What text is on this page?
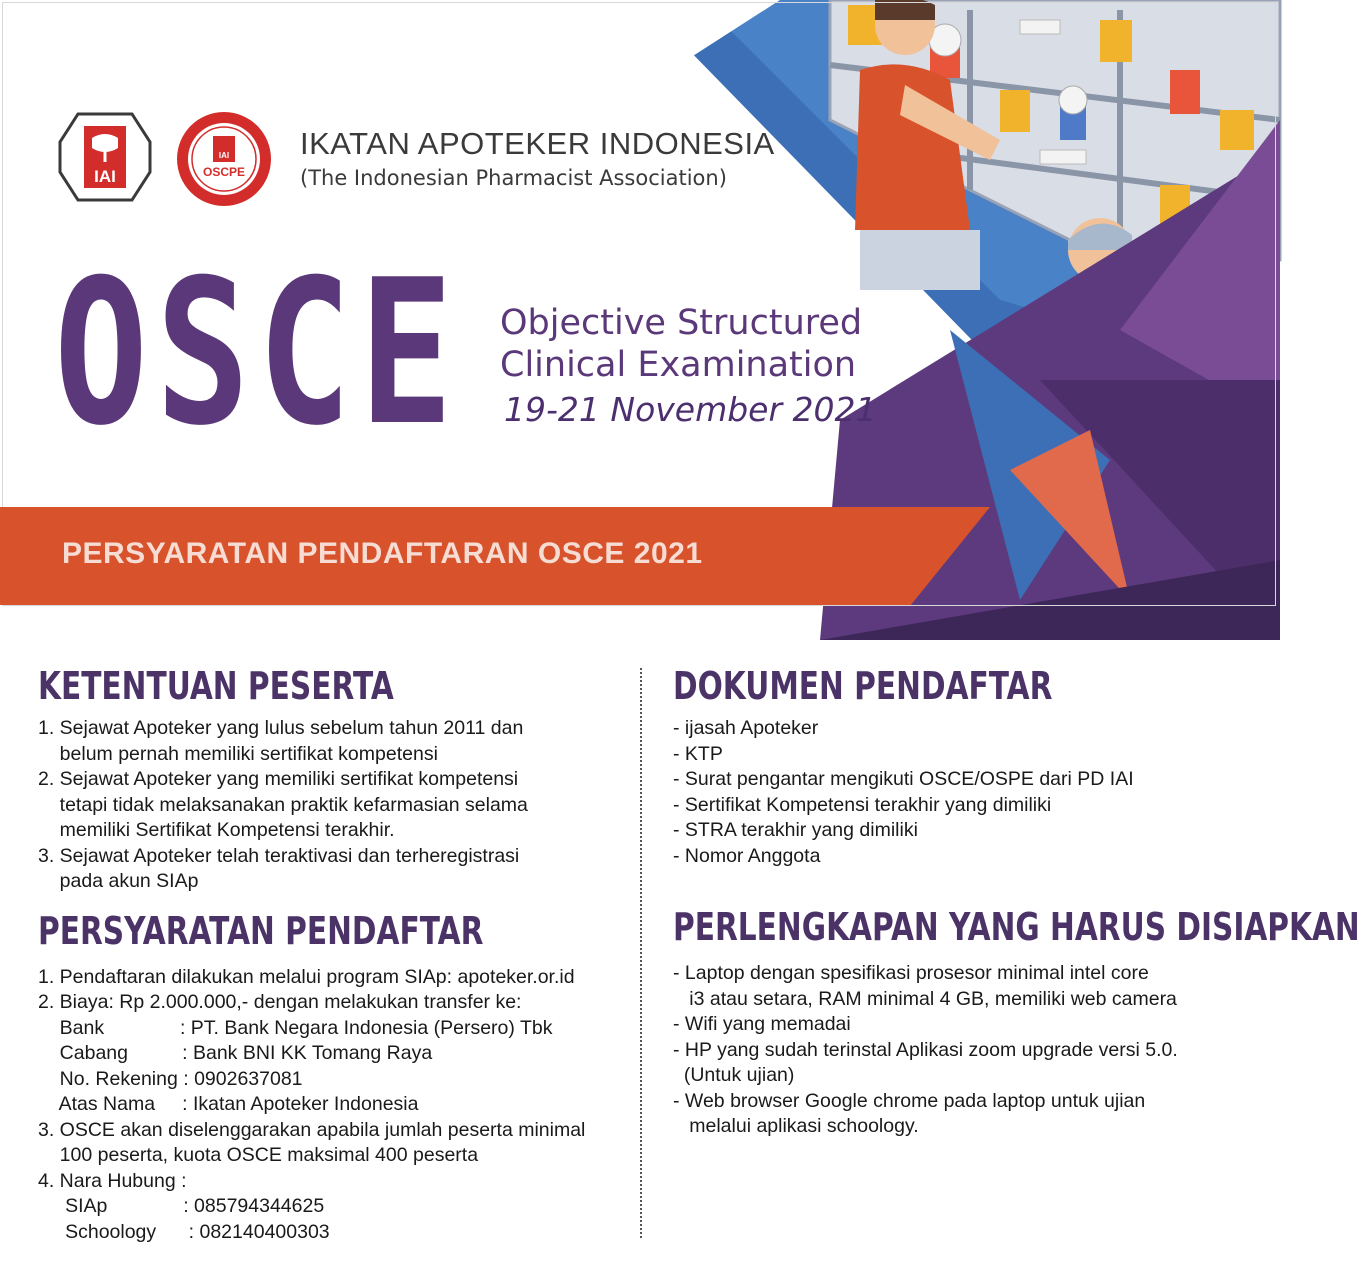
IAI
IAI
OSCPE
IKATAN APOTEKER INDONESIA
(The Indonesian Pharmacist Association)
OSCE Objective Structured
Clinical Examination
19-21 November 2021
PERSYARATAN PENDAFTARAN OSCE 2021
KETENTUAN PESERTA
1. Sejawat Apoteker yang lulus sebelum tahun 2011 dan
belum pernah memiliki sertifikat kompetensi
2. Sejawat Apoteker yang memiliki sertifikat kompetensi
tetapi tidak melaksanakan praktik kefarmasian selama
memiliki Sertifikat Kompetensi terakhir.
3. Sejawat Apoteker telah teraktivasi dan terheregistrasi
pada akun SIAp
PERSYARATAN PENDAFTAR
1. Pendaftaran dilakukan melalui program SIAp: apoteker.or.id
2. Biaya: Rp 2.000.000,- dengan melakukan transfer ke:
Bank              : PT. Bank Negara Indonesia (Persero) Tbk
Cabang          : Bank BNI KK Tomang Raya
No. Rekening : 0902637081
Atas Nama     : Ikatan Apoteker Indonesia
3. OSCE akan diselenggarakan apabila jumlah peserta minimal
100 peserta, kuota OSCE maksimal 400 peserta
4. Nara Hubung :
SIAp              : 085794344625
Schoology      : 082140400303
DOKUMEN PENDAFTAR
- ijasah Apoteker
- KTP
- Surat pengantar mengikuti OSCE/OSPE dari PD IAI
- Sertifikat Kompetensi terakhir yang dimiliki
- STRA terakhir yang dimiliki
- Nomor Anggota
PERLENGKAPAN YANG HARUS DISIAPKAN
- Laptop dengan spesifikasi prosesor minimal intel core
i3 atau setara, RAM minimal 4 GB, memiliki web camera
- Wifi yang memadai
- HP yang sudah terinstal Aplikasi zoom upgrade versi 5.0.
(Untuk ujian)
- Web browser Google chrome pada laptop untuk ujian
melalui aplikasi schoology.
